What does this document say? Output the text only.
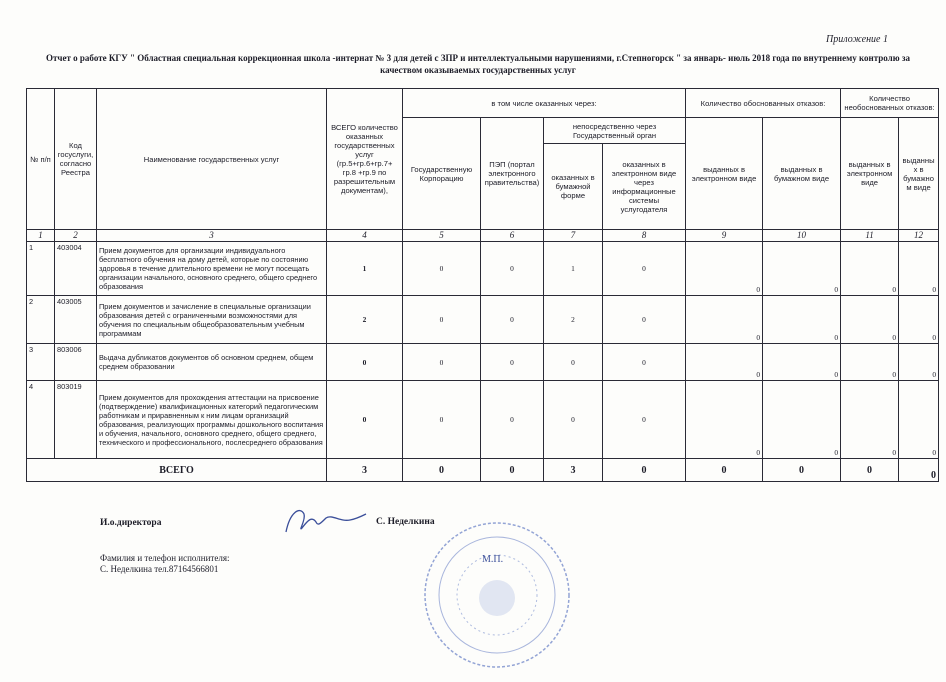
Приложение 1
Отчет о работе КГУ " Областная специальная коррекционная школа -интернат № 3 для детей с ЗПР и интеллектуальными нарушениями, г.Степногорск " за январь- июль 2018 года по внутреннему контролю за качеством оказываемых государственных услуг
№ п/п	Код госуслуги, согласно Реестра	Наименование государственных услуг	ВСЕГО количество оказанных государственных услуг (гр.5+гр.6+гр.7+ гр.8 +гр.9 по разрешительным документам),	в том числе оказанных через:				Количество обоснованных отказов:		Количество необоснованных отказов:	
				Государственную Корпорацию	ПЭП (портал электронного правительства)	непосредственно через Государственный орган		выданных в электронном виде	выданных в бумажном виде	выданных в электронном виде	выданны х в бумажно м виде
						оказанных в бумажной форме	оказанных в электронном виде через информационные системы услугодателя				
1	2	3	4	5	6	7	8	9	10	11	12
1	403004	Прием документов для организации индивидуального бесплатного обучения на дому детей, которые по состоянию здоровья в течение длительного времени не могут посещать организации начального, основного среднего, общего среднего образования	1	0	0	1	0	0	0	0	0
2	403005	Прием документов и зачисление в специальные организации образования детей с ограниченными возможностями для обучения по специальным общеобразовательным учебным программам	2	0	0	2	0	0	0	0	0
3	803006	Выдача дубликатов документов об основном среднем, общем среднем образовании	0	0	0	0	0	0	0	0	0
4	803019	Прием документов для прохождения аттестации на присвоение (подтверждение) квалификационных категорий педагогическим работникам и приравненным к ним лицам организаций образования, реализующих программы дошкольного воспитания и обучения, начального, основного среднего, общего среднего, технического и профессионального, послесреднего образования	0	0	0	0	0	0	0	0	0
ВСЕГО			3	0	0	3	0	0	0	0	0
И.о.директора	С. Неделкина
Фамилия и телефон исполнителя:
С. Неделкина тел.87164566801
М.П.
